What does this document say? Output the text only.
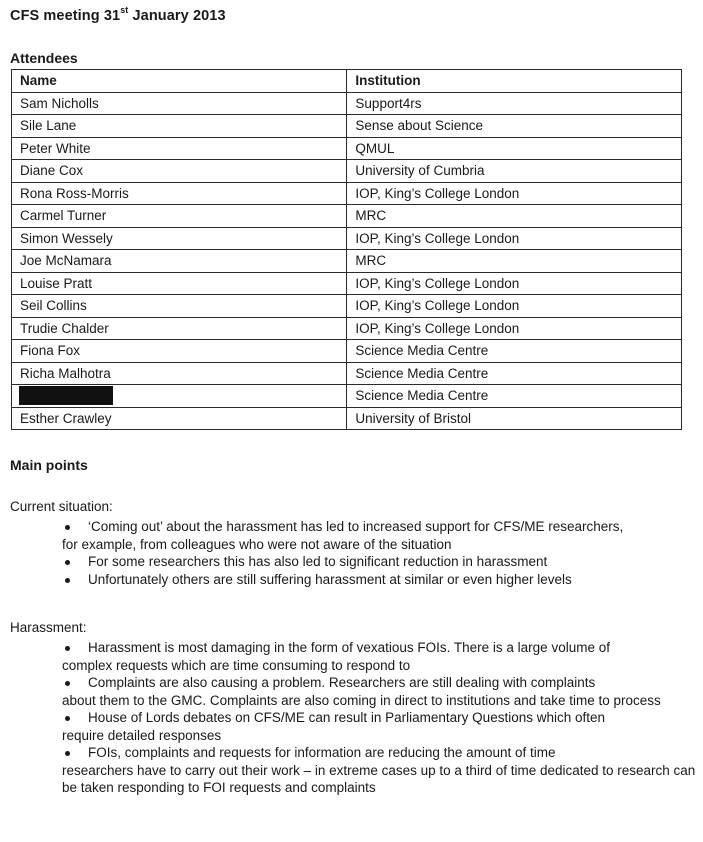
CFS meeting 31st January 2013
Attendees
Name	Institution
Sam Nicholls	Support4rs
Sile Lane	Sense about Science
Peter White	QMUL
Diane Cox	University of Cumbria
Rona Ross-Morris	IOP, King’s College London
Carmel Turner	MRC
Simon Wessely	IOP, King’s College London
Joe McNamara	MRC
Louise Pratt	IOP, King’s College London
Seil Collins	IOP, King’s College London
Trudie Chalder	IOP, King’s College London
Fiona Fox	Science Media Centre
Richa Malhotra	Science Media Centre
	Science Media Centre
Esther Crawley	University of Bristol
Main points
Current situation:
‘Coming out’ about the harassment has led to increased support for CFS/ME researchers,
for example, from colleagues who were not aware of the situation
For some researchers this has also led to significant reduction in harassment
Unfortunately others are still suffering harassment at similar or even higher levels
Harassment:
Harassment is most damaging in the form of vexatious FOIs. There is a large volume of
complex requests which are time consuming to respond to
Complaints are also causing a problem. Researchers are still dealing with complaints
about them to the GMC. Complaints are also coming in direct to institutions and take time to process
House of Lords debates on CFS/ME can result in Parliamentary Questions which often
require detailed responses
FOIs, complaints and requests for information are reducing the amount of time
researchers have to carry out their work – in extreme cases up to a third of time dedicated to research can be taken responding to FOI requests and complaints
